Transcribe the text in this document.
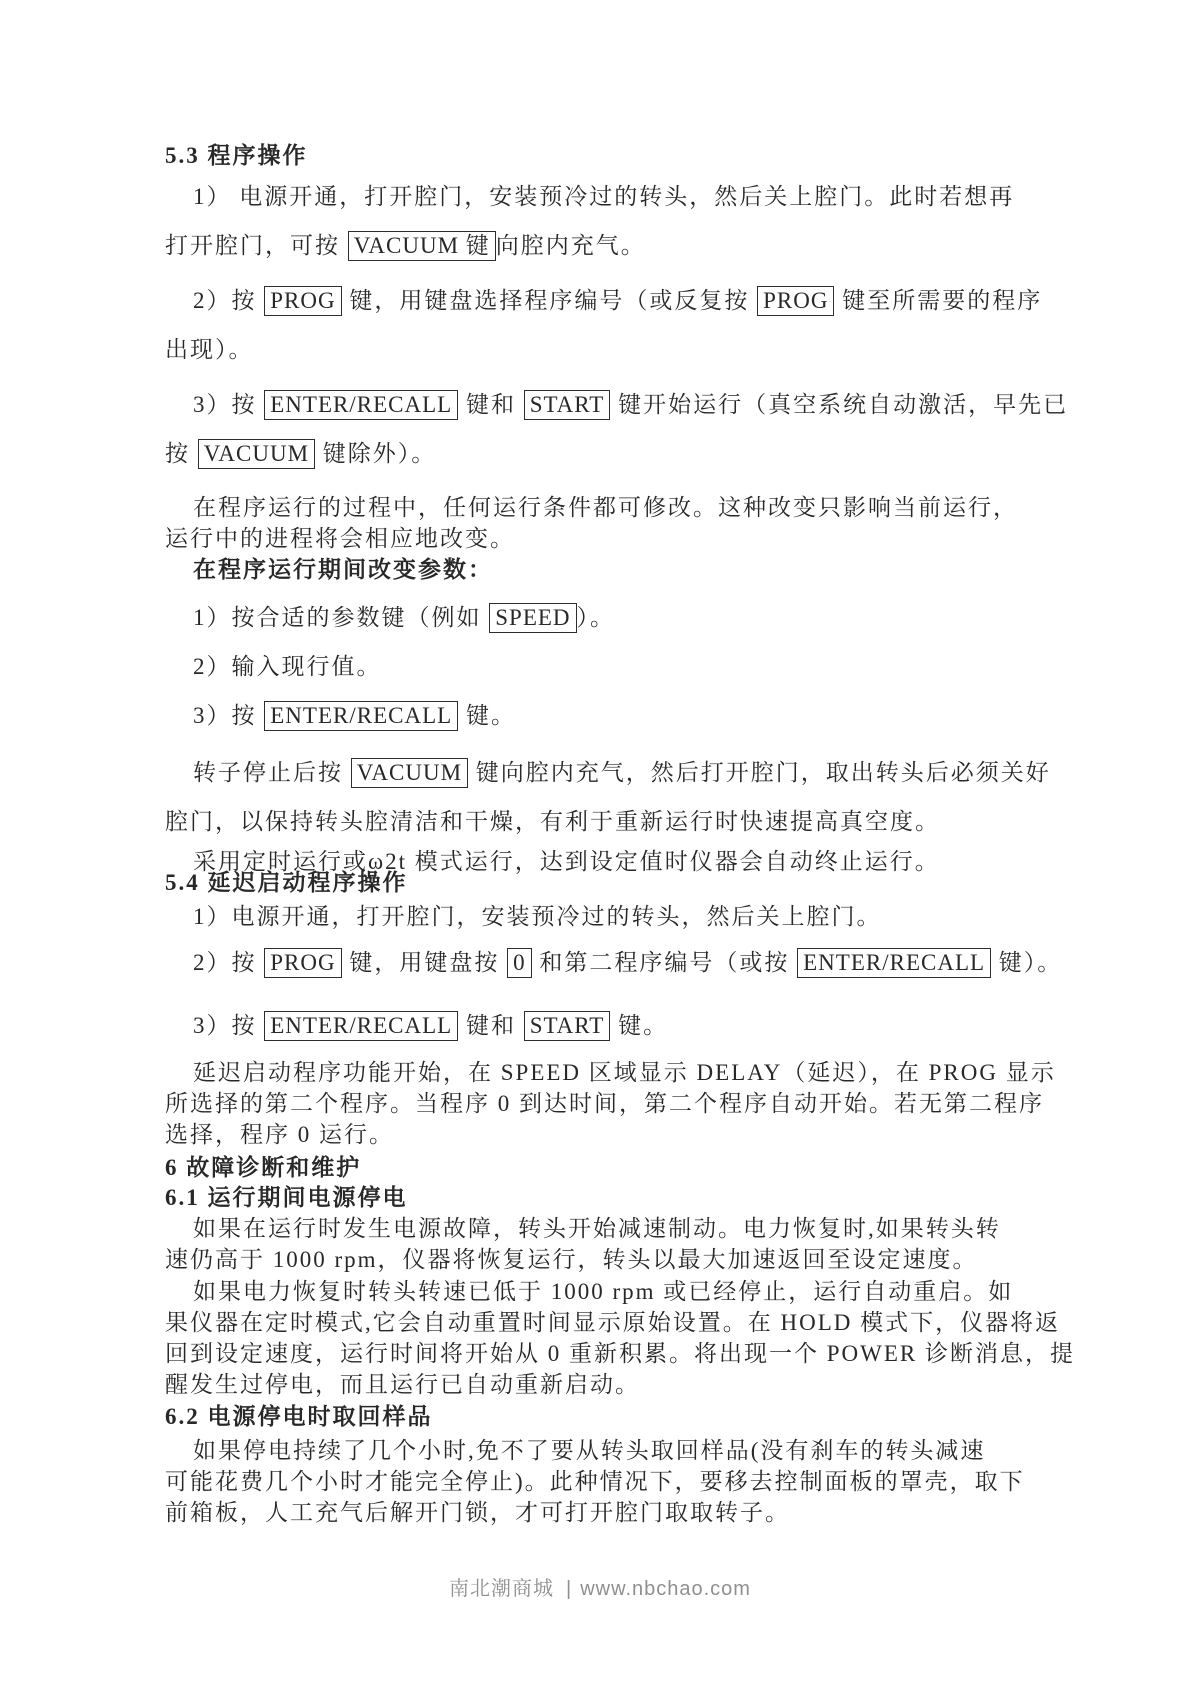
5.3 程序操作
1） 电源开通，打开腔门，安装预冷过的转头，然后关上腔门。此时若想再
打开腔门，可按 VACUUM 键 向腔内充气。
2）按 PROG 键，用键盘选择程序编号（或反复按 PROG 键至所需要的程序
出现）。
3）按 ENTER/RECALL 键和 START 键开始运行（真空系统自动激活，早先已
按 VACUUM 键除外）。
在程序运行的过程中，任何运行条件都可修改。这种改变只影响当前运行，
运行中的进程将会相应地改变。
在程序运行期间改变参数：
1）按合适的参数键（例如 SPEED ）。
2）输入现行值。
3）按 ENTER/RECALL 键。
转子停止后按 VACUUM 键向腔内充气，然后打开腔门，取出转头后必须关好
腔门，以保持转头腔清洁和干燥，有利于重新运行时快速提高真空度。
采用定时运行或ω2t 模式运行，达到设定值时仪器会自动终止运行。
5.4 延迟启动程序操作
1）电源开通，打开腔门，安装预冷过的转头，然后关上腔门。
2）按 PROG 键，用键盘按 0 和第二程序编号（或按 ENTER/RECALL 键）。
3）按 ENTER/RECALL 键和 START 键。
延迟启动程序功能开始，在 SPEED 区域显示 DELAY（延迟），在 PROG 显示
所选择的第二个程序。当程序 0 到达时间，第二个程序自动开始。若无第二程序
选择，程序 0 运行。
6 故障诊断和维护
6.1 运行期间电源停电
如果在运行时发生电源故障，转头开始减速制动。电力恢复时,如果转头转
速仍高于 1000 rpm，仪器将恢复运行，转头以最大加速返回至设定速度。
如果电力恢复时转头转速已低于 1000 rpm 或已经停止，运行自动重启。如
果仪器在定时模式,它会自动重置时间显示原始设置。在 HOLD 模式下，仪器将返
回到设定速度，运行时间将开始从 0 重新积累。将出现一个 POWER 诊断消息，提
醒发生过停电，而且运行已自动重新启动。
6.2 电源停电时取回样品
如果停电持续了几个小时,免不了要从转头取回样品(没有刹车的转头减速
可能花费几个小时才能完全停止)。此种情况下，要移去控制面板的罩壳，取下
前箱板，人工充气后解开门锁，才可打开腔门取取转子。
南北潮商城 | www.nbchao.com
